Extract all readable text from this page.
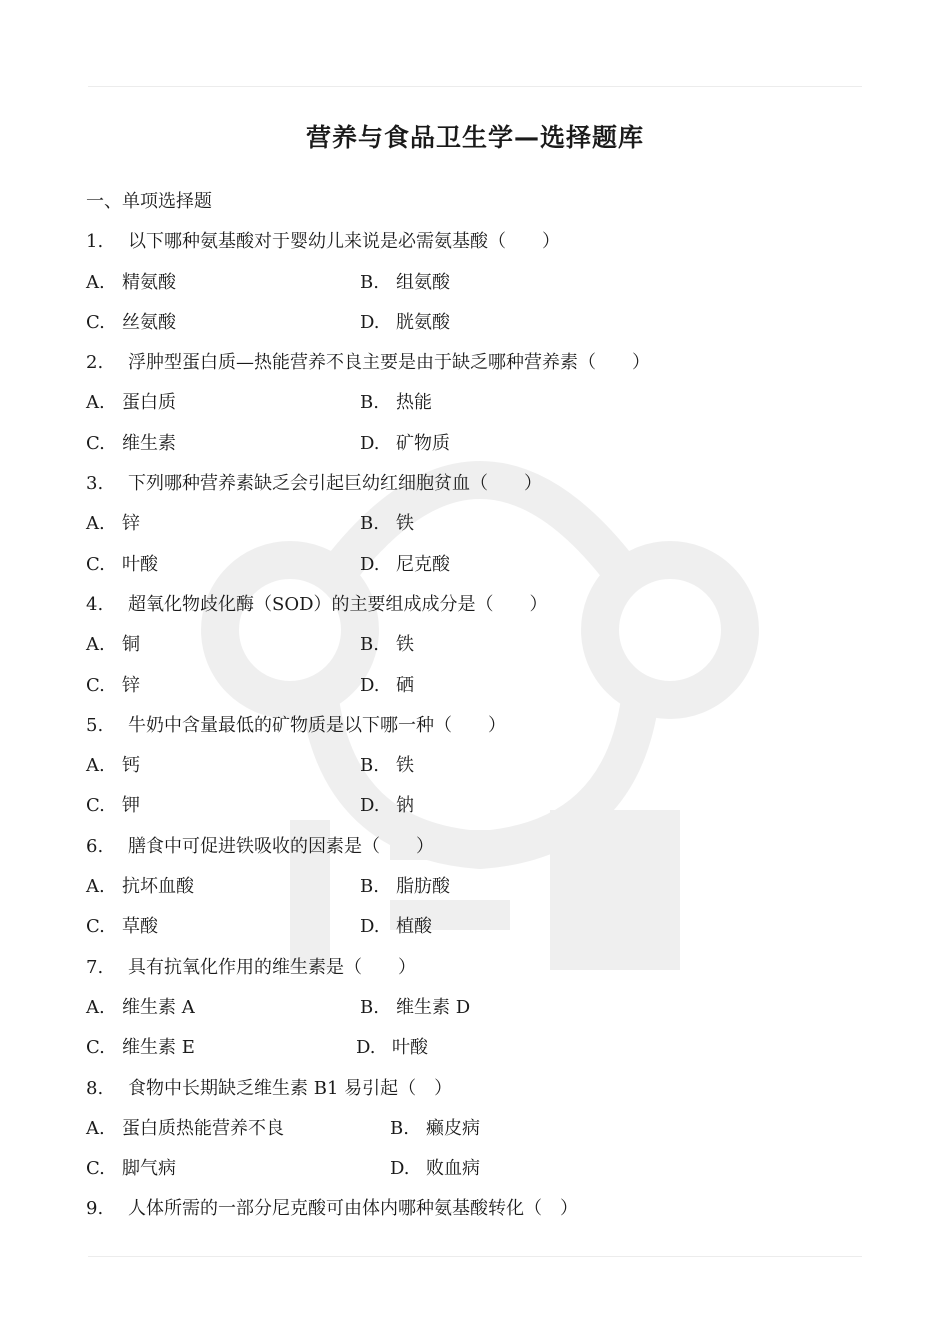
营养与食品卫生学—选择题库
一、单项选择题
1. 以下哪种氨基酸对于婴幼儿来说是必需氨基酸（　　）
A. 精氨酸	B. 组氨酸
C. 丝氨酸	D. 胱氨酸
2. 浮肿型蛋白质—热能营养不良主要是由于缺乏哪种营养素（　　）
A. 蛋白质	B. 热能
C. 维生素	D. 矿物质
3. 下列哪种营养素缺乏会引起巨幼红细胞贫血（　　）
A. 锌	B. 铁
C. 叶酸	D. 尼克酸
4. 超氧化物歧化酶（SOD）的主要组成成分是（　　）
A. 铜	B. 铁
C. 锌	D. 硒
5. 牛奶中含量最低的矿物质是以下哪一种（　　）
A. 钙	B. 铁
C. 钾	D. 钠
6. 膳食中可促进铁吸收的因素是（　　）
A. 抗坏血酸	B. 脂肪酸
C. 草酸	D. 植酸
7. 具有抗氧化作用的维生素是（　　）
A. 维生素 A	B. 维生素 D
C. 维生素 E	D. 叶酸
8. 食物中长期缺乏维生素 B1 易引起（　）
A. 蛋白质热能营养不良	B. 癞皮病
C. 脚气病	D. 败血病
9. 人体所需的一部分尼克酸可由体内哪种氨基酸转化（　）
